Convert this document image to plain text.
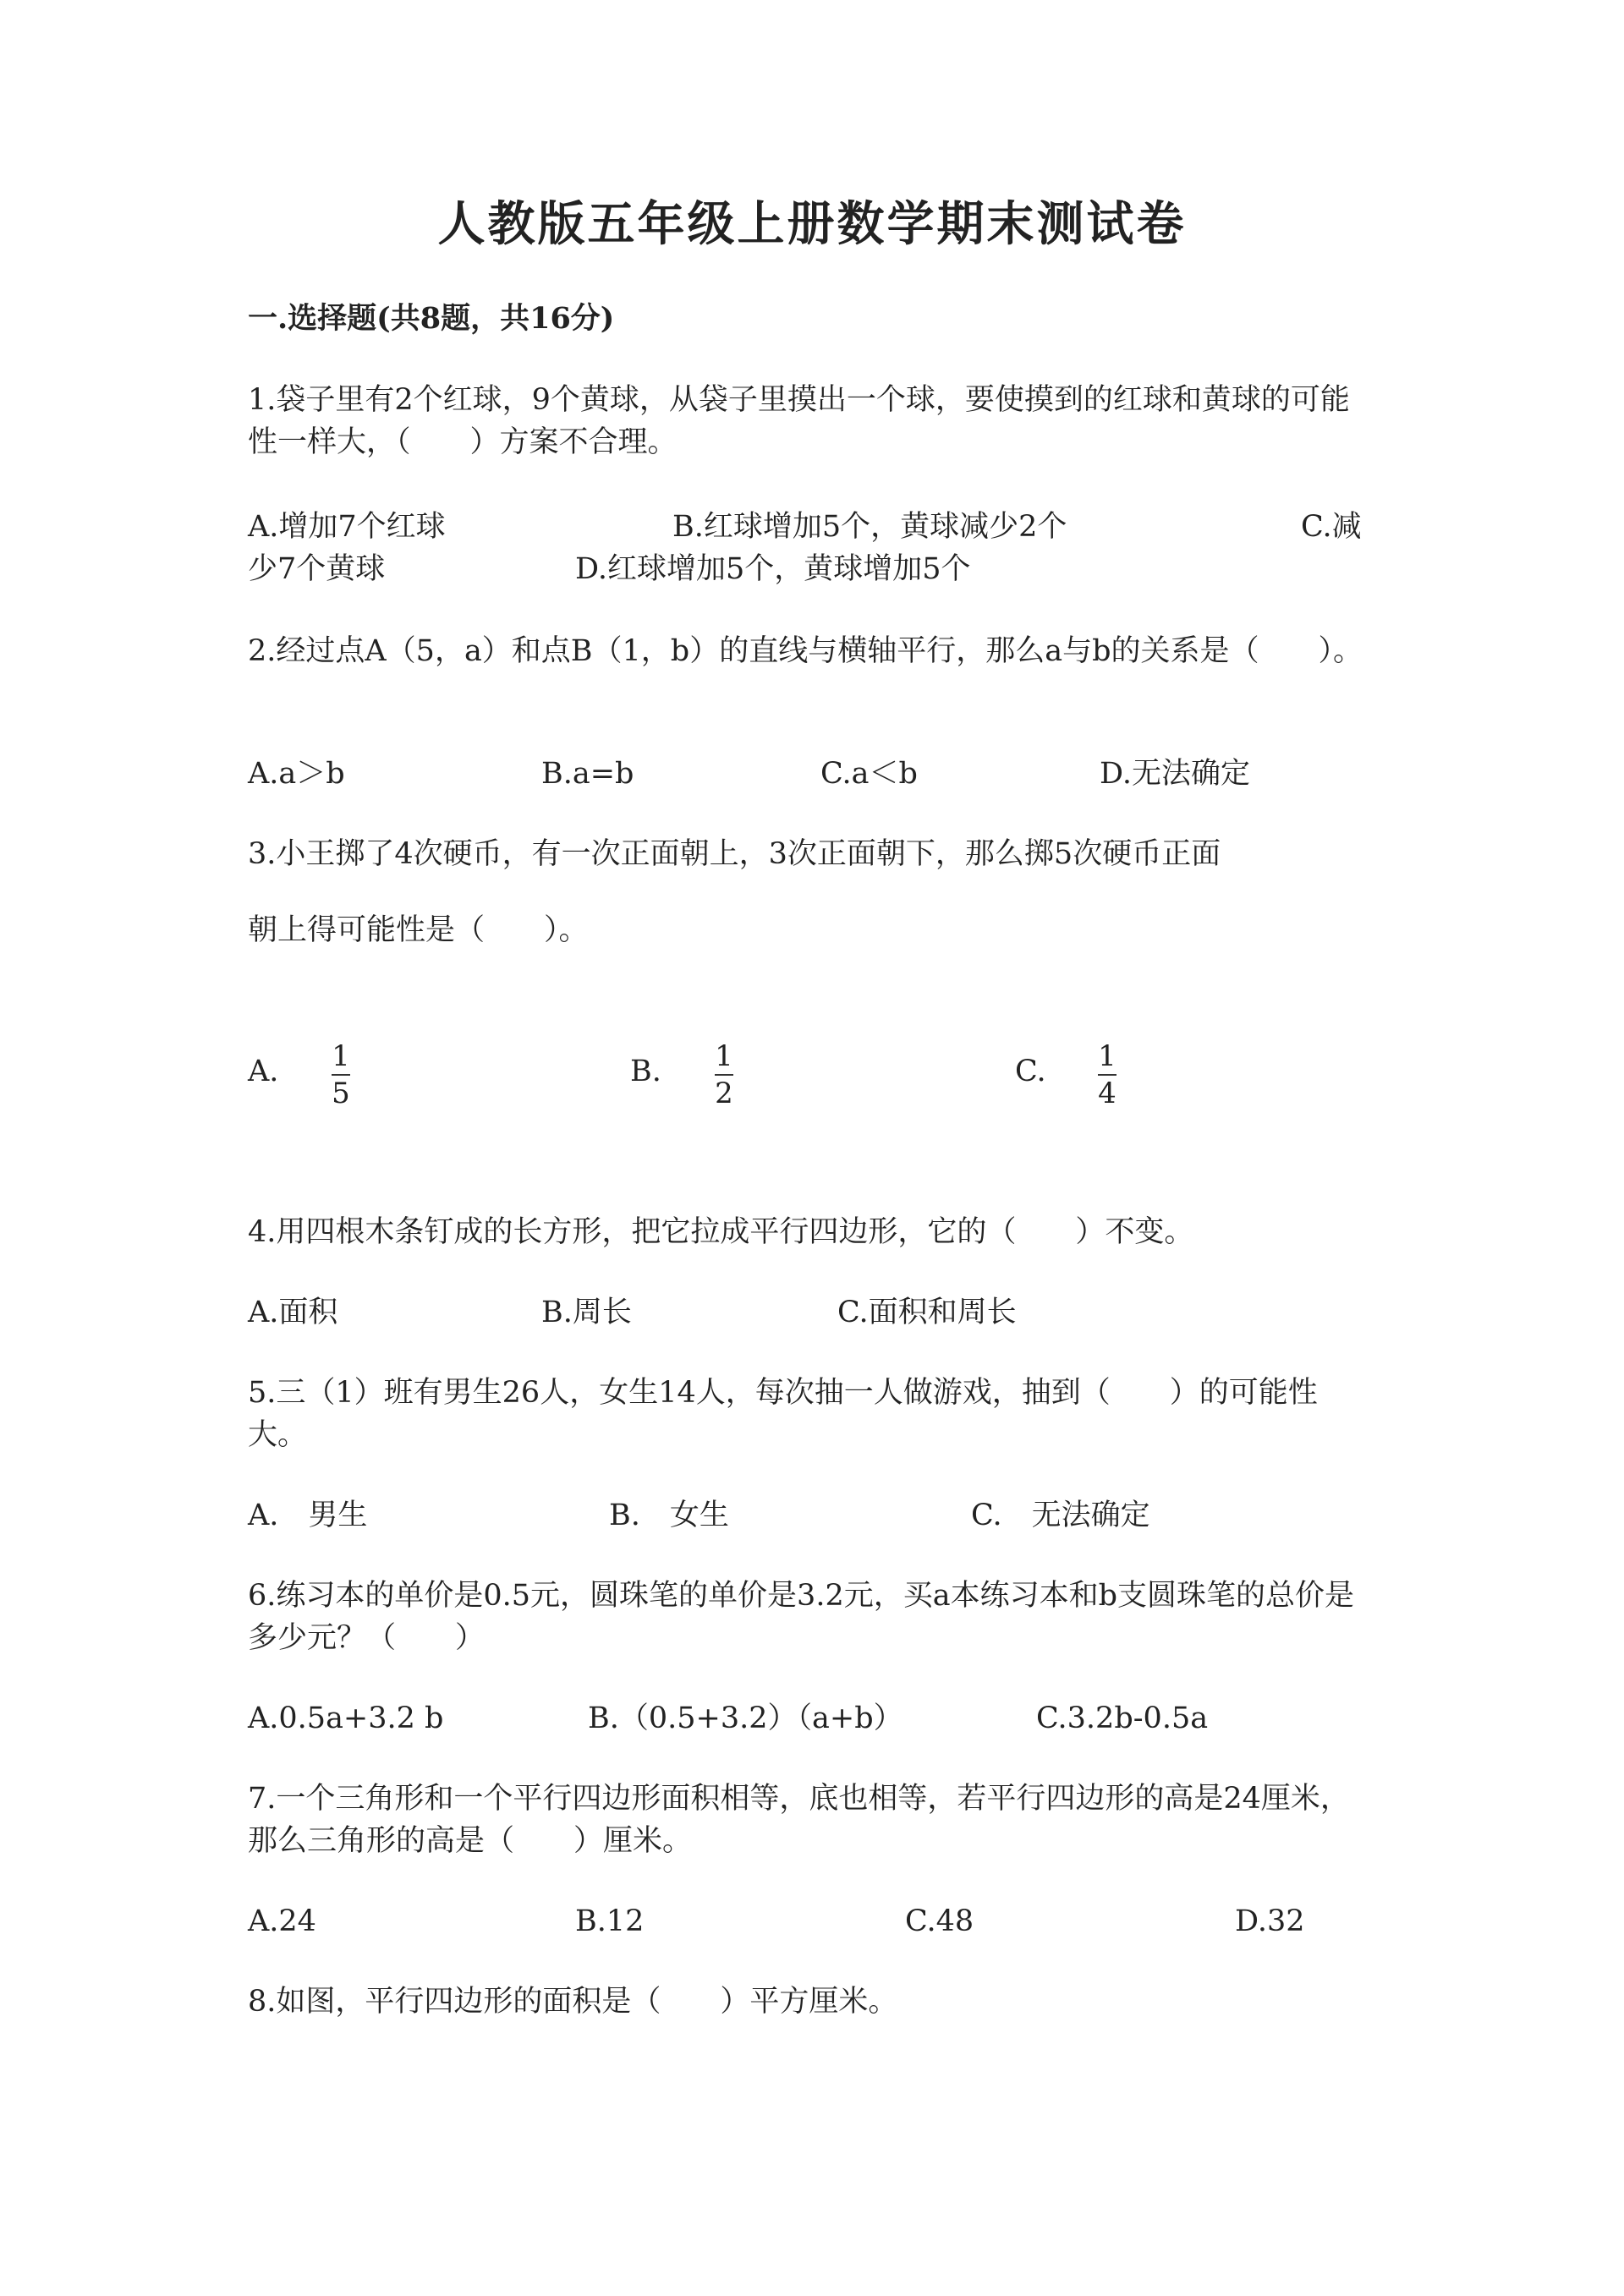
人教版五年级上册数学期末测试卷
一.选择题(共8题，共16分)
1.袋子里有2个红球，9个黄球，从袋子里摸出一个球，要使摸到的红球和黄球的可能性一样大，（　　）方案不合理。
A.增加7个红球	B.红球增加5个，黄球减少2个	C.减
少7个黄球	D.红球增加5个，黄球增加5个
2.经过点A（5，a）和点B（1，b）的直线与横轴平行，那么a与b的关系是（　　）。
A.a＞b	B.a=b	C.a＜b	D.无法确定
3.小王掷了4次硬币，有一次正面朝上，3次正面朝下，那么掷5次硬币正面
朝上得可能性是（　　）。
A. 1
5
B. 1
2
C. 1
4
4.用四根木条钉成的长方形，把它拉成平行四边形，它的（　　）不变。
A.面积	B.周长	C.面积和周长
5.三（1）班有男生26人，女生14人，每次抽一人做游戏，抽到（　　）的可能性大。
A.　男生	B.　女生	C.　无法确定
6.练习本的单价是0.5元，圆珠笔的单价是3.2元，买a本练习本和b支圆珠笔的总价是多少元？（　　）
A.0.5a+3.2 b	B.（0.5+3.2）（a+b）	C.3.2b-0.5a
7.一个三角形和一个平行四边形面积相等，底也相等，若平行四边形的高是24厘米，那么三角形的高是（　　）厘米。
A.24	B.12	C.48	D.32
8.如图，平行四边形的面积是（　　）平方厘米。
